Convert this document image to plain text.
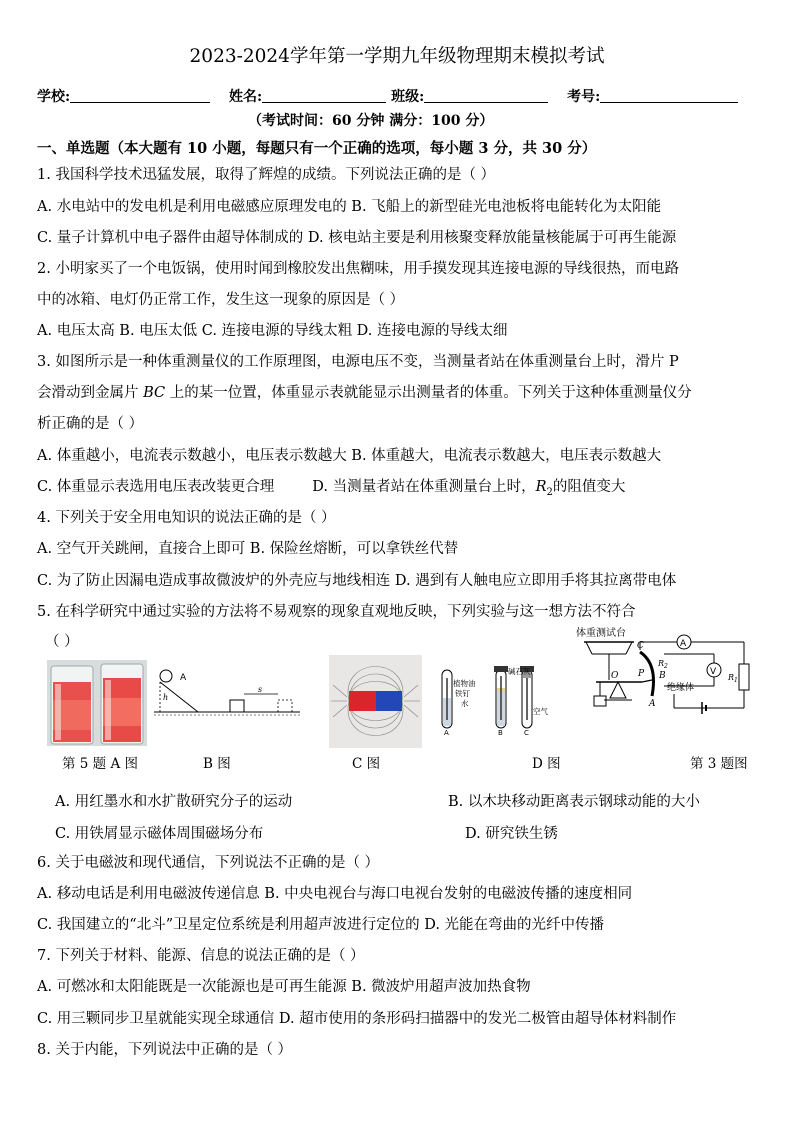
2023-2024学年第一学期九年级物理期末模拟考试
学校:	姓名:	班级:	考号:
（考试时间：60 分钟 满分：100 分）
一、单选题（本大题有 10 小题，每题只有一个正确的选项，每小题 3 分，共 30 分）
1. 我国科学技术迅猛发展，取得了辉煌的成绩。下列说法正确的是（ ）
A. 水电站中的发电机是利用电磁感应原理发电的 B. 飞船上的新型硅光电池板将电能转化为太阳能
C. 量子计算机中电子器件由超导体制成的 D. 核电站主要是利用核聚变释放能量核能属于可再生能源
2. 小明家买了一个电饭锅，使用时闻到橡胶发出焦糊味，用手摸发现其连接电源的导线很热，而电路
中的冰箱、电灯仍正常工作，发生这一现象的原因是（ ）
A. 电压太高 B. 电压太低 C. 连接电源的导线太粗 D. 连接电源的导线太细
3. 如图所示是一种体重测量仪的工作原理图，电源电压不变，当测量者站在体重测量台上时，滑片 P
会滑动到金属片 BC 上的某一位置，体重显示表就能显示出测量者的体重。下列关于这种体重测量仪分
析正确的是（ ）
A. 体重越小，电流表示数越小，电压表示数越大 B. 体重越大，电流表示数越大，电压表示数越大
C. 体重显示表选用电压表改装更合理	D. 当测量者站在体重测量台上时，$R_2$的阻值变大
4. 下列关于安全用电知识的说法正确的是（ ）
A. 空气开关跳闸，直接合上即可 B. 保险丝熔断，可以拿铁丝代替
C. 为了防止因漏电造成事故微波炉的外壳应与地线相连 D. 遇到有人触电应立即用手将其拉离带电体
5. 在科学研究中通过实验的方法将不易观察的现象直观地反映，下列实验与这一想方法不符合
（ ）
A
h
s
植物油
铁钉
水
碱石灰
空气
A	B	C
体重测试台
A
V
C
O P
$R_2$
B
A
绝缘体
$R_1$
第 5 题 A 图	B 图	C 图	D 图	第 3 题图
A. 用红墨水和水扩散研究分子的运动	B. 以木块移动距离表示钢球动能的大小
C. 用铁屑显示磁体周围磁场分布	D. 研究铁生锈
6. 关于电磁波和现代通信，下列说法不正确的是（ ）
A. 移动电话是利用电磁波传递信息 B. 中央电视台与海口电视台发射的电磁波传播的速度相同
C. 我国建立的“北斗”卫星定位系统是利用超声波进行定位的 D. 光能在弯曲的光纤中传播
7. 下列关于材料、能源、信息的说法正确的是（ ）
A. 可燃冰和太阳能既是一次能源也是可再生能源 B. 微波炉用超声波加热食物
C. 用三颗同步卫星就能实现全球通信 D. 超市使用的条形码扫描器中的发光二极管由超导体材料制作
8. 关于内能，下列说法中正确的是（ ）
